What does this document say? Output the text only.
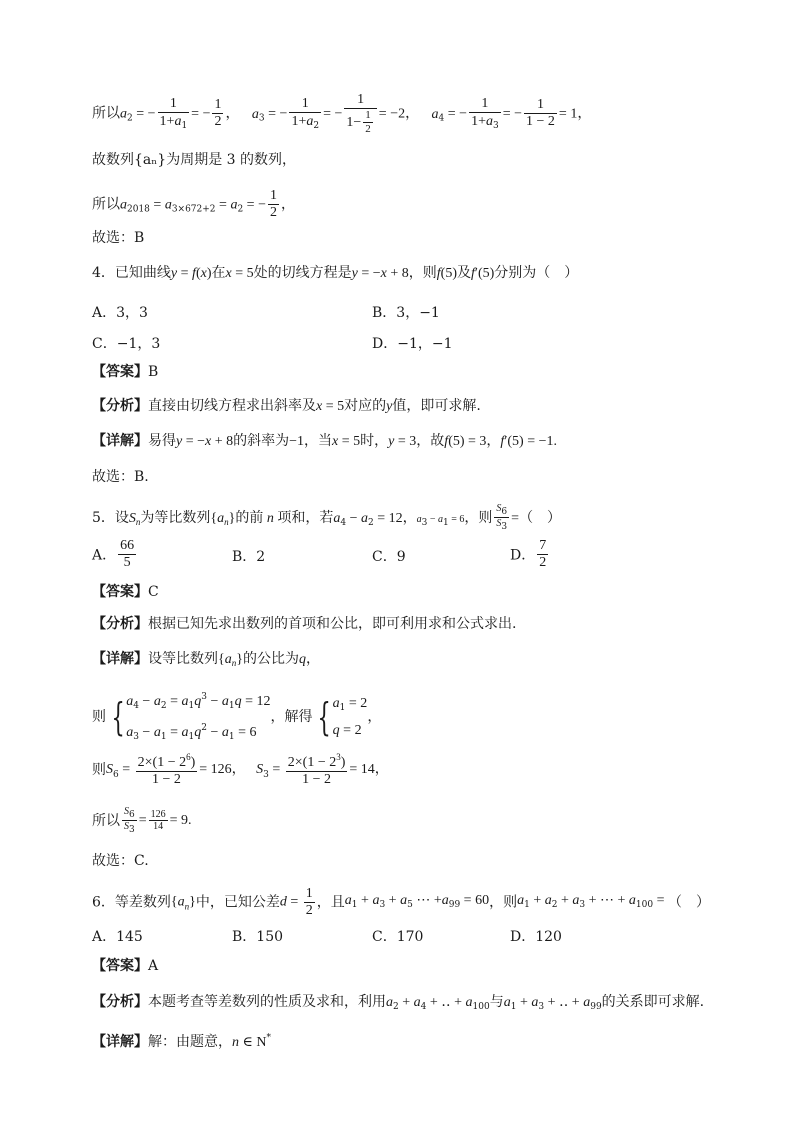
所以$a_2$ = − $\frac{1}{1+a_1}$ = − $\frac{1}{2}$ ， $a_3$ = − $\frac{1}{1+a_2}$ = − $\frac{1}{1- \frac{1}{2}} = -2$， $a_4$ = − $\frac{1}{1+a_3}$ = − $\frac{1}{1 - 2} = 1$，
故数列{aₙ}为周期是 3 的数列，
所以$a_{2018} = a_{3\times 672+2} = a_2$ = − $\frac{1}{2}$ ，
故选：B
4．已知曲线y = f(x)在x = 5处的切线方程是y = −x + 8，则f(5)及f′(5)分别为（　）
A．3，3	B．3，−1
C．−1，3	D．−1，−1
【答案】B
【分析】直接由切线方程求出斜率及x = 5对应的y值，即可求解.
【详解】易得y = −x + 8的斜率为−1，当x = 5时，y = 3，故f(5) = 3，f′(5) = −1.
故选：B.
5．设$S_n$为等比数列$\{a_n\}$的前 n 项和，若$a_4 - a_2 = 12$，$a_3 - a_1 = 6$，则 $\frac{S6}{S3}$ =（　）
A． $\frac{66}{5}$	B．2	C．9	D． $\frac{7}{2}$
【答案】C
【分析】根据已知先求出数列的首项和公比，即可利用求和公式求出.
【详解】设等比数列$\{a_n\}$的公比为q，
则 { $a_4 - a_2 = a_1q^3 - a_1q = 12$
$a_3 - a_1 = a_1q^2 - a_1 = 6$
，解得 { $a_1 = 2$
q = 2
，
则$S_6 = \frac{2\times(1 - 2^6)}{1 - 2} = 126$， $S_3 = \frac{2\times(1 - 2^3)}{1 - 2} = 14$，
所以 $\frac{S6}{S3} = \frac{126}{14} = 9$.
故选：C.
6．等差数列$\{a_n\}$中，已知公差$d = \frac{1}{2}$ ，且$a_1 + a_3 + a_5$ ⋯ $+a_{99} = 60$，则$a_1 + a_2 + a_3$ + ⋯ + $a_{100}$ = （　）
A．145	B．150	C．170	D．120
【答案】A
【分析】本题考查等差数列的性质及求和，利用$a_2 + a_4$ + ‥ + $a_{100}$与$a_1 + a_3$ + ‥ + $a_{99}$的关系即可求解.
【详解】解：由题意，n ∈ N*
